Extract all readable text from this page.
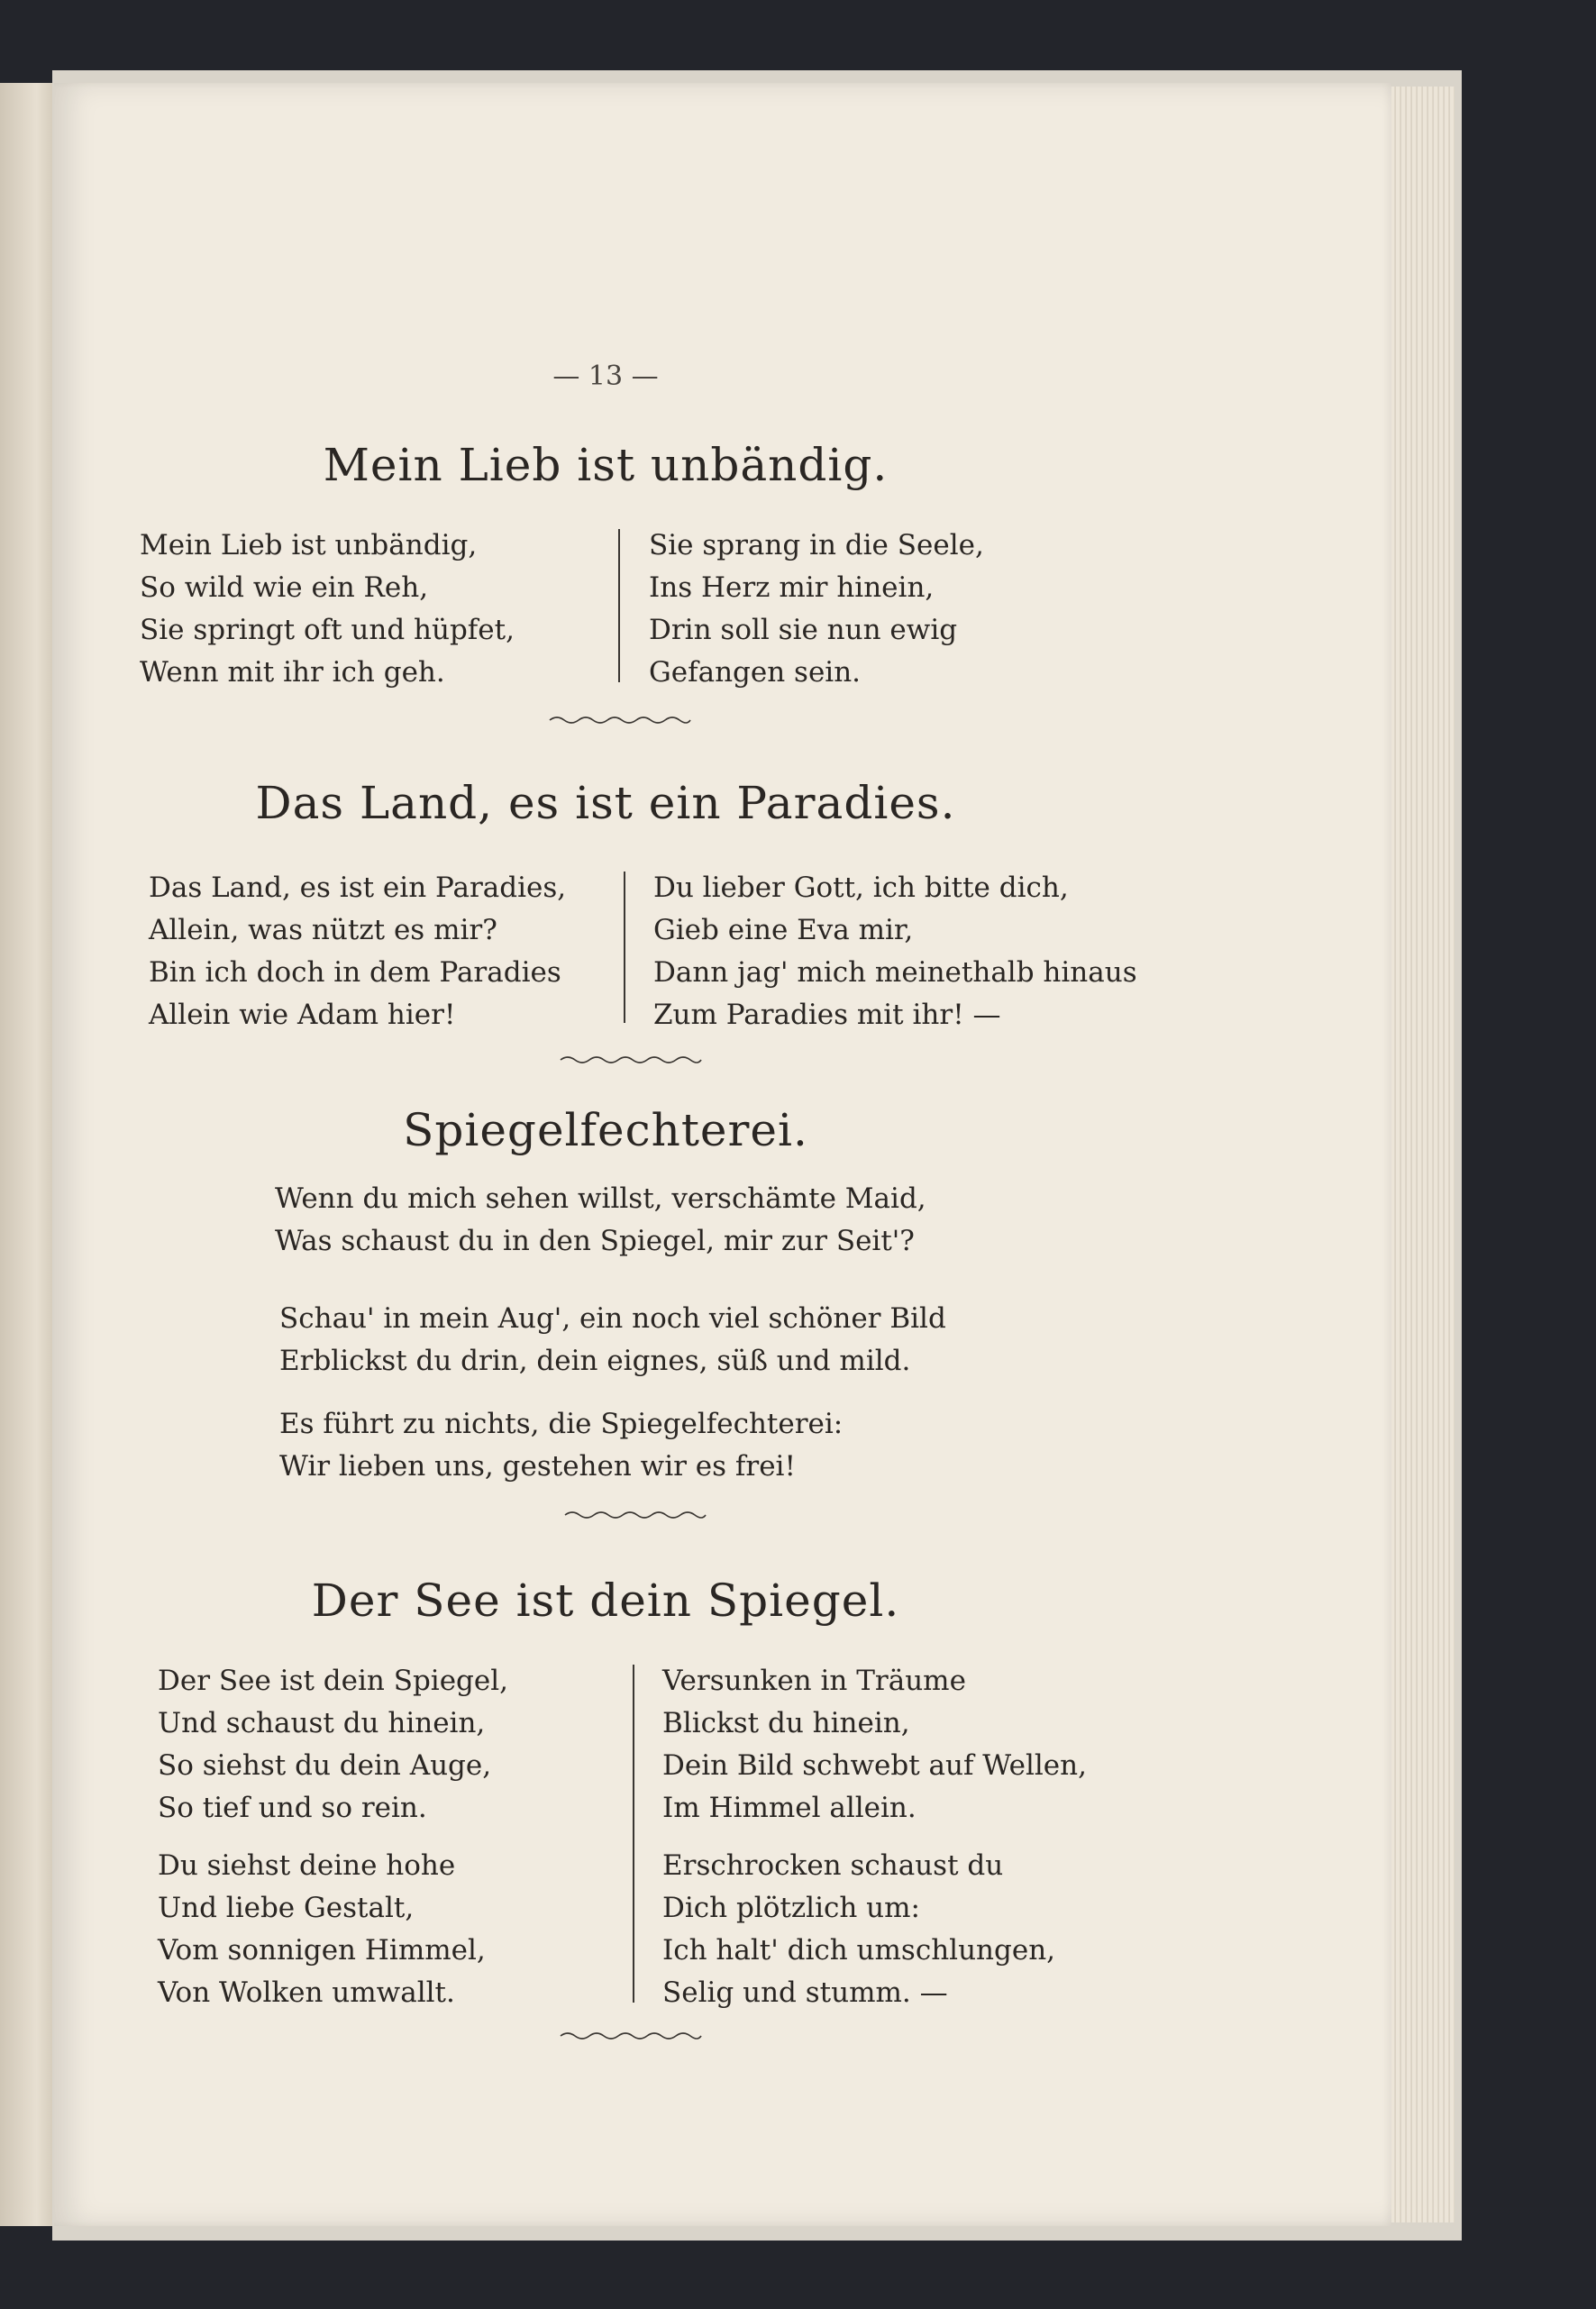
— 13 —
Mein Lieb ist unbändig.
Mein Lieb ist unbändig,
So wild wie ein Reh,
Sie springt oft und hüpfet,
Wenn mit ihr ich geh.
Sie sprang in die Seele,
Ins Herz mir hinein,
Drin soll sie nun ewig
Gefangen sein.
Das Land, es ist ein Paradies.
Das Land, es ist ein Paradies,
Allein, was nützt es mir?
Bin ich doch in dem Paradies
Allein wie Adam hier!
Du lieber Gott, ich bitte dich,
Gieb eine Eva mir,
Dann jag' mich meinethalb hinaus
Zum Paradies mit ihr! —
Spiegelfechterei.
Wenn du mich sehen willst, verschämte Maid,
Was schaust du in den Spiegel, mir zur Seit'?
Schau' in mein Aug', ein noch viel schöner Bild
Erblickst du drin, dein eignes, süß und mild.
Es führt zu nichts, die Spiegelfechterei:
Wir lieben uns, gestehen wir es frei!
Der See ist dein Spiegel.
Der See ist dein Spiegel,
Und schaust du hinein,
So siehst du dein Auge,
So tief und so rein.
Du siehst deine hohe
Und liebe Gestalt,
Vom sonnigen Himmel,
Von Wolken umwallt.
Versunken in Träume
Blickst du hinein,
Dein Bild schwebt auf Wellen,
Im Himmel allein.
Erschrocken schaust du
Dich plötzlich um:
Ich halt' dich umschlungen,
Selig und stumm. —
